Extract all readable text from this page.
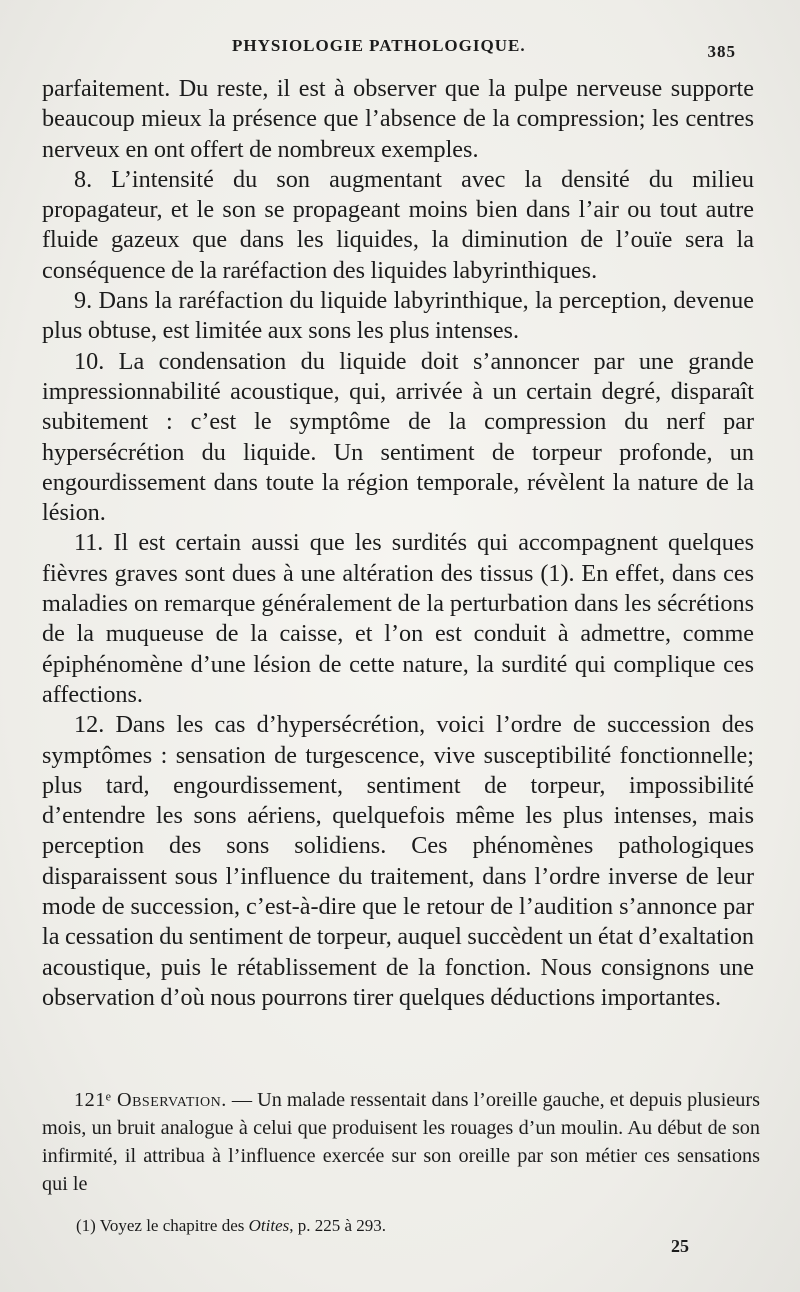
PHYSIOLOGIE PATHOLOGIQUE.	385

parfaitement. Du reste, il est à observer que la pulpe nerveuse supporte beaucoup mieux la présence que l’absence de la compression; les centres nerveux en ont offert de nombreux exemples.

8. L’intensité du son augmentant avec la densité du milieu propagateur, et le son se propageant moins bien dans l’air ou tout autre fluide gazeux que dans les liquides, la diminution de l’ouïe sera la conséquence de la raréfaction des liquides labyrinthiques.

9. Dans la raréfaction du liquide labyrinthique, la perception, devenue plus obtuse, est limitée aux sons les plus intenses.

10. La condensation du liquide doit s’annoncer par une grande impressionnabilité acoustique, qui, arrivée à un certain degré, disparaît subitement : c’est le symptôme de la compression du nerf par hypersécrétion du liquide. Un sentiment de torpeur profonde, un engourdissement dans toute la région temporale, révèlent la nature de la lésion.

11. Il est certain aussi que les surdités qui accompagnent quelques fièvres graves sont dues à une altération des tissus (1). En effet, dans ces maladies on remarque généralement de la perturbation dans les sécrétions de la muqueuse de la caisse, et l’on est conduit à admettre, comme épiphénomène d’une lésion de cette nature, la surdité qui complique ces affections.

12. Dans les cas d’hypersécrétion, voici l’ordre de succession des symptômes : sensation de turgescence, vive susceptibilité fonctionnelle; plus tard, engourdissement, sentiment de torpeur, impossibilité d’entendre les sons aériens, quelquefois même les plus intenses, mais perception des sons solidiens. Ces phénomènes pathologiques disparaissent sous l’influence du traitement, dans l’ordre inverse de leur mode de succession, c’est-à-dire que le retour de l’audition s’annonce par la cessation du sentiment de torpeur, auquel succèdent un état d’exaltation acoustique, puis le rétablissement de la fonction. Nous consignons une observation d’où nous pourrons tirer quelques déductions importantes.

121ᵉ Observation. — Un malade ressentait dans l’oreille gauche, et depuis plusieurs mois, un bruit analogue à celui que produisent les rouages d’un moulin. Au début de son infirmité, il attribua à l’influence exercée sur son oreille par son métier ces sensations qui le

(1) Voyez le chapitre des Otites, p. 225 à 293.
25
